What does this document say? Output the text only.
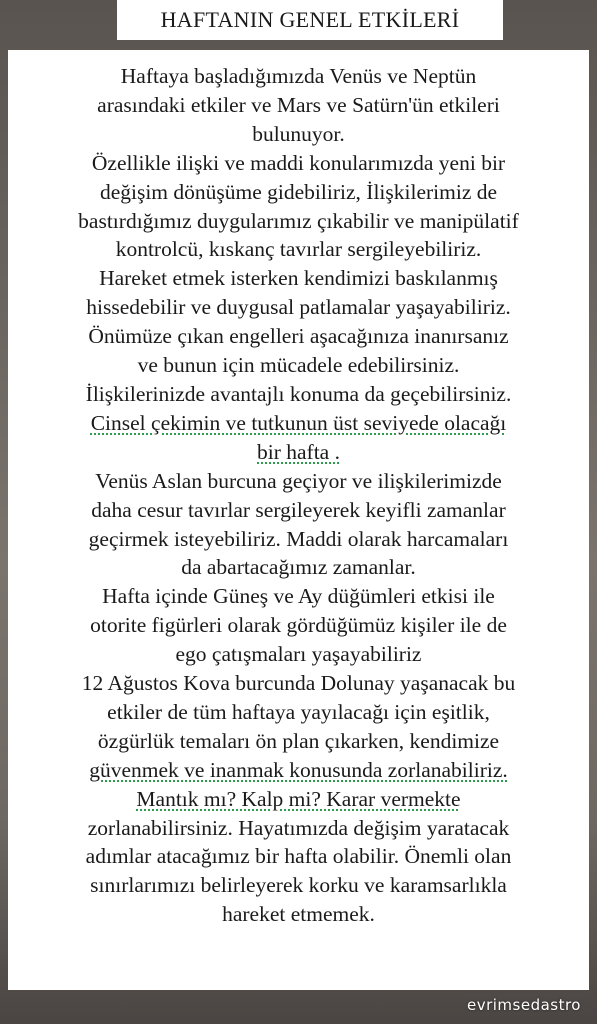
HAFTANIN GENEL ETKİLERİ
Haftaya başladığımızda Venüs ve Neptün
arasındaki etkiler ve Mars ve Satürn'ün etkileri
bulunuyor.
Özellikle ilişki ve maddi konularımızda yeni bir
değişim dönüşüme gidebiliriz, İlişkilerimiz de
bastırdığımız duygularımız çıkabilir ve manipülatif
kontrolcü, kıskanç tavırlar sergileyebiliriz.
Hareket etmek isterken kendimizi baskılanmış
hissedebilir ve duygusal patlamalar yaşayabiliriz.
Önümüze çıkan engelleri aşacağınıza inanırsanız
ve bunun için mücadele edebilirsiniz.
İlişkilerinizde avantajlı konuma da geçebilirsiniz.
Cinsel çekimin ve tutkunun üst seviyede olacağı
bir hafta .
Venüs Aslan burcuna geçiyor ve ilişkilerimizde
daha cesur tavırlar sergileyerek keyifli zamanlar
geçirmek isteyebiliriz. Maddi olarak harcamaları
da abartacağımız zamanlar.
Hafta içinde Güneş ve Ay düğümleri etkisi ile
otorite figürleri olarak gördüğümüz kişiler ile de
ego çatışmaları yaşayabiliriz
12 Ağustos Kova burcunda Dolunay yaşanacak bu
etkiler de tüm haftaya yayılacağı için eşitlik,
özgürlük temaları ön plan çıkarken, kendimize
güvenmek ve inanmak konusunda zorlanabiliriz.
Mantık mı? Kalp mi? Karar vermekte
zorlanabilirsiniz. Hayatımızda değişim yaratacak
adımlar atacağımız bir hafta olabilir. Önemli olan
sınırlarımızı belirleyerek korku ve karamsarlıkla
hareket etmemek.
evrimsedastro
